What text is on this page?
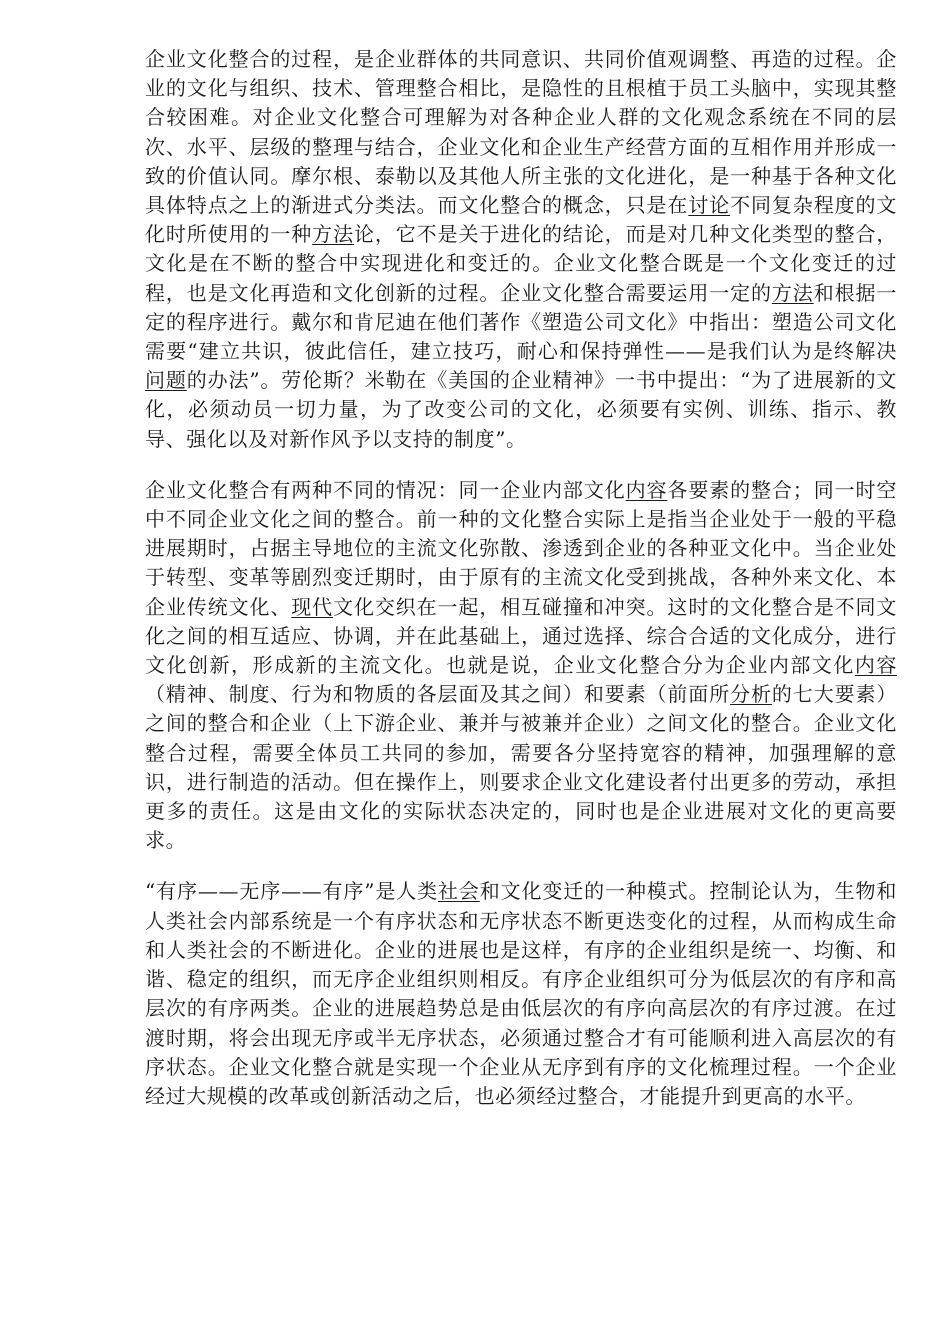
企业文化整合的过程，是企业群体的共同意识、共同价值观调整、再造的过程。企业的文化与组织、技术、管理整合相比，是隐性的且根植于员工头脑中，实现其整合较困难。对企业文化整合可理解为对各种企业人群的文化观念系统在不同的层次、水平、层级的整理与结合，企业文化和企业生产经营方面的互相作用并形成一致的价值认同。摩尔根、泰勒以及其他人所主张的文化进化，是一种基于各种文化具体特点之上的渐进式分类法。而文化整合的概念，只是在讨论不同复杂程度的文化时所使用的一种方法论，它不是关于进化的结论，而是对几种文化类型的整合，文化是在不断的整合中实现进化和变迁的。企业文化整合既是一个文化变迁的过程，也是文化再造和文化创新的过程。企业文化整合需要运用一定的方法和根据一定的程序进行。戴尔和肯尼迪在他们著作《塑造公司文化》中指出：塑造公司文化需要“建立共识，彼此信任，建立技巧，耐心和保持弹性——是我们认为是终解决问题的办法”。劳伦斯？米勒在《美国的企业精神》一书中提出：“为了进展新的文化，必须动员一切力量，为了改变公司的文化，必须要有实例、训练、指示、教导、强化以及对新作风予以支持的制度”。

企业文化整合有两种不同的情况：同一企业内部文化内容各要素的整合；同一时空中不同企业文化之间的整合。前一种的文化整合实际上是指当企业处于一般的平稳进展期时，占据主导地位的主流文化弥散、渗透到企业的各种亚文化中。当企业处于转型、变革等剧烈变迁期时，由于原有的主流文化受到挑战，各种外来文化、本企业传统文化、现代文化交织在一起，相互碰撞和冲突。这时的文化整合是不同文化之间的相互适应、协调，并在此基础上，通过选择、综合合适的文化成分，进行文化创新，形成新的主流文化。也就是说，企业文化整合分为企业内部文化内容（精神、制度、行为和物质的各层面及其之间）和要素（前面所分析的七大要素）之间的整合和企业（上下游企业、兼并与被兼并企业）之间文化的整合。企业文化整合过程，需要全体员工共同的参加，需要各分坚持宽容的精神，加强理解的意识，进行制造的活动。但在操作上，则要求企业文化建设者付出更多的劳动，承担更多的责任。这是由文化的实际状态决定的，同时也是企业进展对文化的更高要求。

“有序——无序——有序”是人类社会和文化变迁的一种模式。控制论认为，生物和人类社会内部系统是一个有序状态和无序状态不断更迭变化的过程，从而构成生命和人类社会的不断进化。企业的进展也是这样，有序的企业组织是统一、均衡、和谐、稳定的组织，而无序企业组织则相反。有序企业组织可分为低层次的有序和高层次的有序两类。企业的进展趋势总是由低层次的有序向高层次的有序过渡。在过渡时期，将会出现无序或半无序状态，必须通过整合才有可能顺利进入高层次的有序状态。企业文化整合就是实现一个企业从无序到有序的文化梳理过程。一个企业经过大规模的改革或创新活动之后，也必须经过整合，才能提升到更高的水平。
